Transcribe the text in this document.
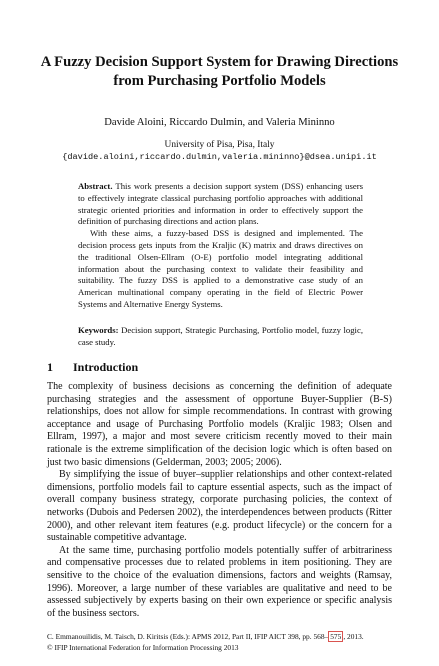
A Fuzzy Decision Support System for Drawing Directions
from Purchasing Portfolio Models
Davide Aloini, Riccardo Dulmin, and Valeria Mininno
University of Pisa, Pisa, Italy
{davide.aloini,riccardo.dulmin,valeria.mininno}@dsea.unipi.it

Abstract. This work presents a decision support system (DSS) enhancing users to effectively integrate classical purchasing portfolio approaches with additional strategic oriented priorities and information in order to effectively support the definition of purchasing directions and action plans.

With these aims, a fuzzy-based DSS is designed and implemented. The decision process gets inputs from the Kraljic (K) matrix and draws directives on the traditional Olsen-Ellram (O-E) portfolio model integrating additional information about the purchasing context to validate their feasibility and suitability. The fuzzy DSS is applied to a demonstrative case study of an American multinational company operating in the field of Electric Power Systems and Alternative Energy Systems.

Keywords: Decision support, Strategic Purchasing, Portfolio model, fuzzy logic, case study.

1 Introduction

The complexity of business decisions as concerning the definition of adequate purchasing strategies and the assessment of opportune Buyer-Supplier (B-S) relationships, does not allow for simple recommendations. In contrast with growing acceptance and usage of Purchasing Portfolio models (Kraljic 1983; Olsen and Ellram, 1997), a major and most severe criticism recently moved to their main rationale is the extreme simplification of the decision logic which is often based on just two basic dimensions (Gelderman, 2003; 2005; 2006).

By simplifying the issue of buyer–supplier relationships and other context-related dimensions, portfolio models fail to capture essential aspects, such as the impact of overall company business strategy, corporate purchasing policies, the context of networks (Dubois and Pedersen 2002), the interdependences between products (Ritter 2000), and other relevant item features (e.g. product lifecycle) or the concern for a sustainable competitive advantage.

At the same time, purchasing portfolio models potentially suffer of arbitrariness and compensative processes due to related problems in item positioning. They are sensitive to the choice of the evaluation dimensions, factors and weights (Ramsay, 1996). Moreover, a large number of these variables are qualitative and need to be assessed subjectively by experts basing on their own experience or specific analysis of the business sectors.

C. Emmanouilidis, M. Taisch, D. Kiritsis (Eds.): APMS 2012, Part II, IFIP AICT 398, pp. 568– 575 , 2013.

© IFIP International Federation for Information Processing 2013
